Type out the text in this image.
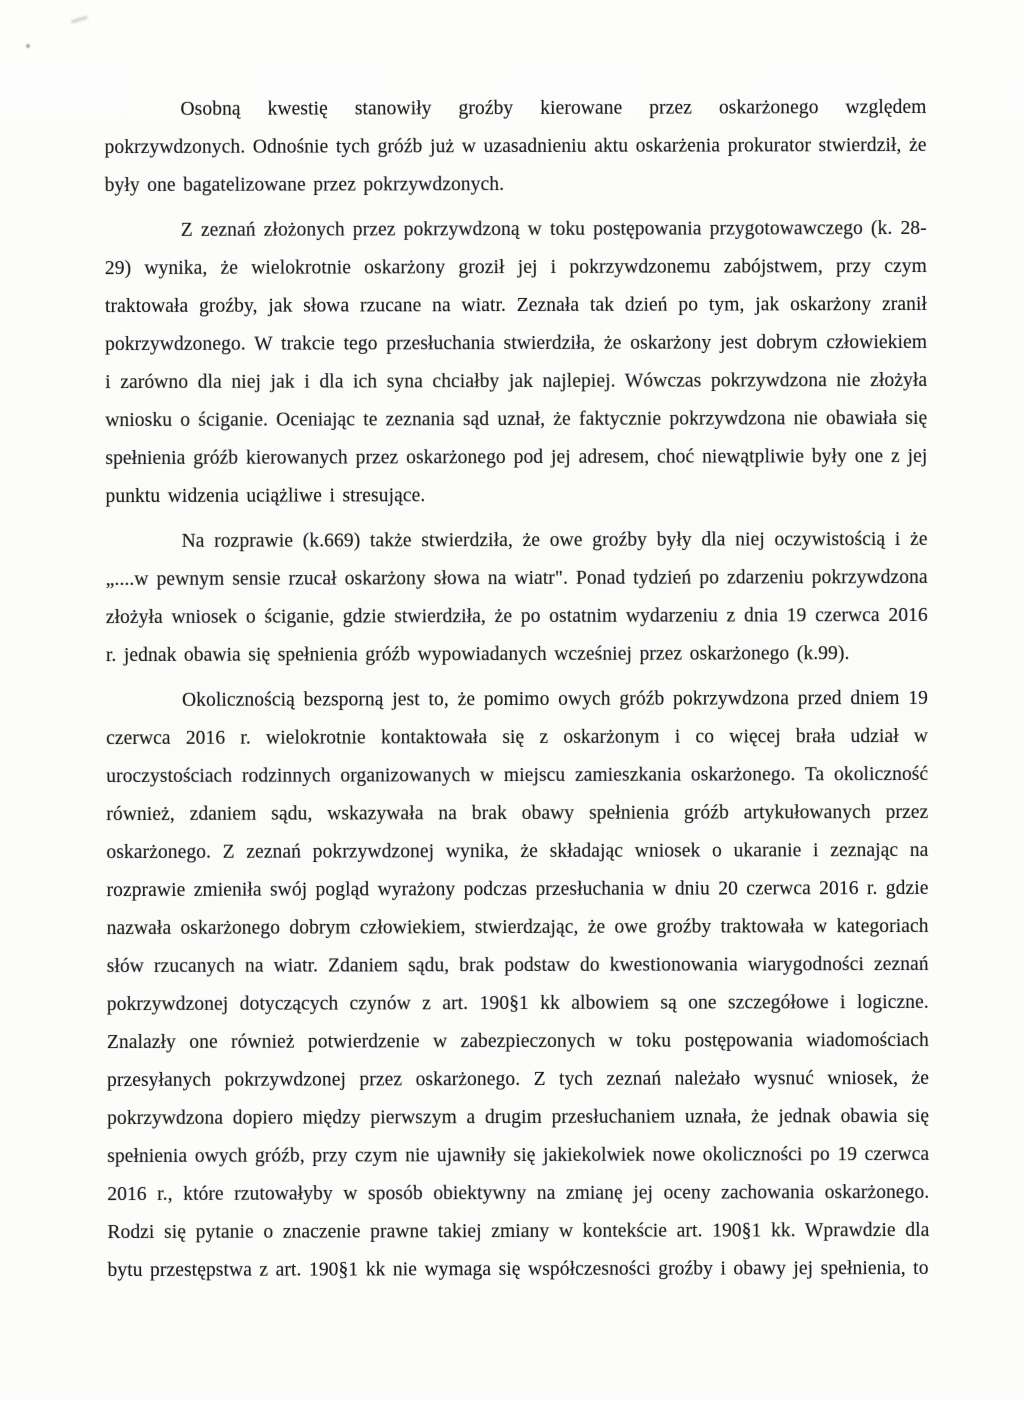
Osobną kwestię stanowiły groźby kierowane przez oskarżonego względem pokrzywdzonych. Odnośnie tych gróźb już w uzasadnieniu aktu oskarżenia prokurator stwierdził, że były one bagatelizowane przez pokrzywdzonych.

Z zeznań złożonych przez pokrzywdzoną w toku postępowania przygotowawczego (k. 28-29) wynika, że wielokrotnie oskarżony groził jej i pokrzywdzonemu zabójstwem, przy czym traktowała groźby, jak słowa rzucane na wiatr. Zeznała tak dzień po tym, jak oskarżony zranił pokrzywdzonego. W trakcie tego przesłuchania stwierdziła, że oskarżony jest dobrym człowiekiem i zarówno dla niej jak i dla ich syna chciałby jak najlepiej. Wówczas pokrzywdzona nie złożyła wniosku o ściganie. Oceniając te zeznania sąd uznał, że faktycznie pokrzywdzona nie obawiała się spełnienia gróźb kierowanych przez oskarżonego pod jej adresem, choć niewątpliwie były one z jej punktu widzenia uciążliwe i stresujące.

Na rozprawie (k.669) także stwierdziła, że owe groźby były dla niej oczywistością i że „....w pewnym sensie rzucał oskarżony słowa na wiatr". Ponad tydzień po zdarzeniu pokrzywdzona złożyła wniosek o ściganie, gdzie stwierdziła, że po ostatnim wydarzeniu z dnia 19 czerwca 2016 r. jednak obawia się spełnienia gróźb wypowiadanych wcześniej przez oskarżonego (k.99).

Okolicznością bezsporną jest to, że pomimo owych gróźb pokrzywdzona przed dniem 19 czerwca 2016 r. wielokrotnie kontaktowała się z oskarżonym i co więcej brała udział w uroczystościach rodzinnych organizowanych w miejscu zamieszkania oskarżonego. Ta okoliczność również, zdaniem sądu, wskazywała na brak obawy spełnienia gróźb artykułowanych przez oskarżonego. Z zeznań pokrzywdzonej wynika, że składając wniosek o ukaranie i zeznając na rozprawie zmieniła swój pogląd wyrażony podczas przesłuchania w dniu 20 czerwca 2016 r. gdzie nazwała oskarżonego dobrym człowiekiem, stwierdzając, że owe groźby traktowała w kategoriach słów rzucanych na wiatr. Zdaniem sądu, brak podstaw do kwestionowania wiarygodności zeznań pokrzywdzonej dotyczących czynów z art. 190§1 kk albowiem są one szczegółowe i logiczne. Znalazły one również potwierdzenie w zabezpieczonych w toku postępowania wiadomościach przesyłanych pokrzywdzonej przez oskarżonego. Z tych zeznań należało wysnuć wniosek, że pokrzywdzona dopiero między pierwszym a drugim przesłuchaniem uznała, że jednak obawia się spełnienia owych gróźb, przy czym nie ujawniły się jakiekolwiek nowe okoliczności po 19 czerwca 2016 r., które rzutowałyby w sposób obiektywny na zmianę jej oceny zachowania oskarżonego. Rodzi się pytanie o znaczenie prawne takiej zmiany w kontekście art. 190§1 kk. Wprawdzie dla bytu przestępstwa z art. 190§1 kk nie wymaga się współczesności groźby i obawy jej spełnienia, to
